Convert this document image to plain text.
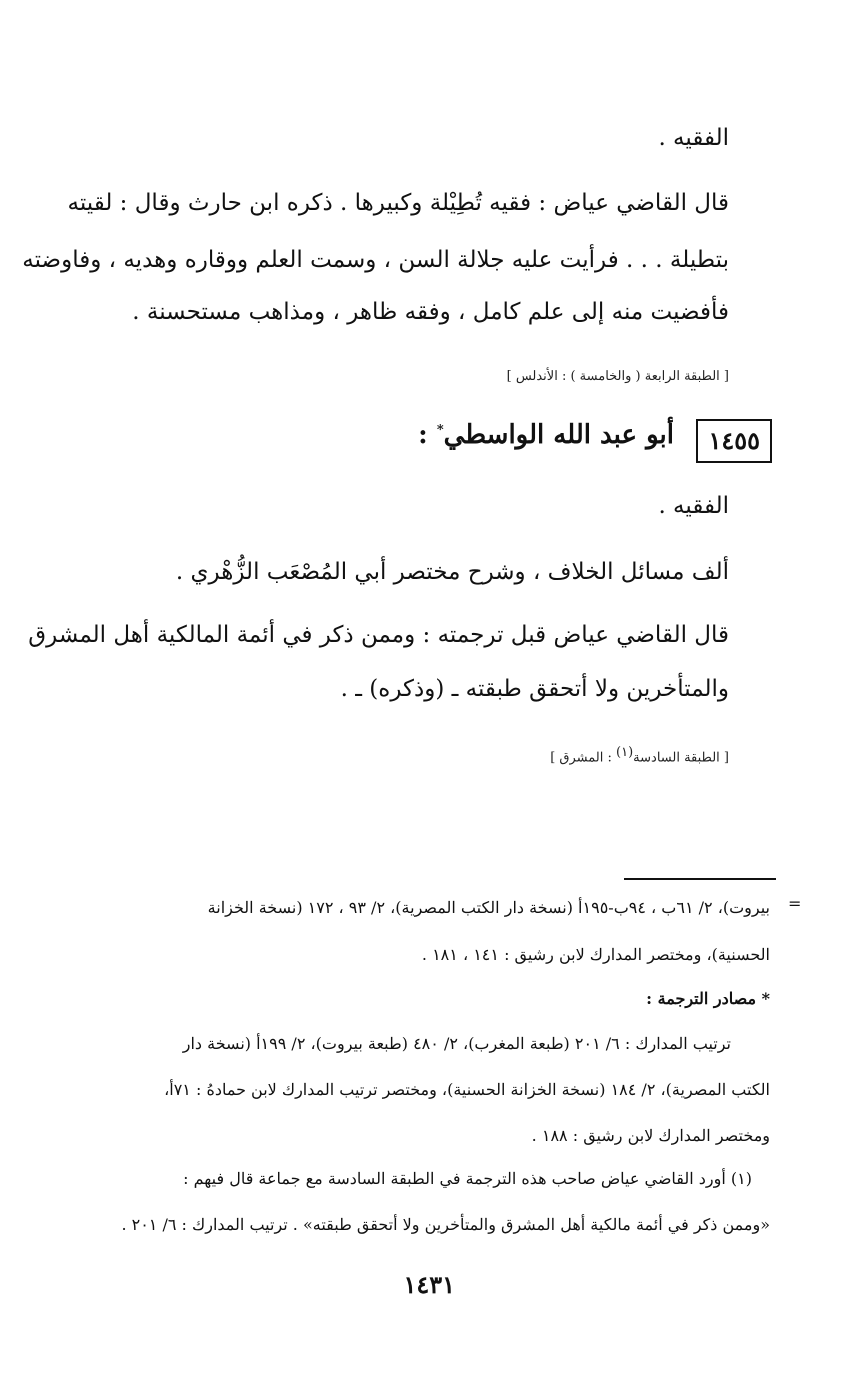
الفقيه .
قال القاضي عياض : فقيه تُطِيْلة وكبيرها . ذكره ابن حارث وقال : لقيته
بتطيلة . . . فرأيت عليه جلالة السن ، وسمت العلم ووقاره وهديه ، وفاوضته
فأفضيت منه إلى علم كامل ، وفقه ظاهر ، ومذاهب مستحسنة .
[ الطبقة الرابعة ( والخامسة ) : الأندلس ]
١٤٥٥
أبو عبد الله الواسطي* :
الفقيه .
ألف مسائل الخلاف ، وشرح مختصر أبي المُصْعَب الزُّهْري .
قال القاضي عياض قبل ترجمته : وممن ذكر في أئمة المالكية أهل المشرق
والمتأخرين ولا أتحقق طبقته ـ (وذكره) ـ .
[ الطبقة السادسة(١) : المشرق ]
=
بيروت)، ٢/ ٦١ب ، ٩٤ب-١٩٥أ (نسخة دار الكتب المصرية)، ٢/ ٩٣ ، ١٧٢ (نسخة الخزانة
الحسنية)، ومختصر المدارك لابن رشيق : ١٤١ ، ١٨١ .
* مصادر الترجمة :
ترتيب المدارك : ٦/ ٢٠١ (طبعة المغرب)، ٢/ ٤٨٠ (طبعة بيروت)، ٢/ ١٩٩أ (نسخة دار
الكتب المصرية)، ٢/ ١٨٤ (نسخة الخزانة الحسنية)، ومختصر ترتيب المدارك لابن حمادهُ : ٧١أ،
ومختصر المدارك لابن رشيق : ١٨٨ .
(١) أورد القاضي عياض صاحب هذه الترجمة في الطبقة السادسة مع جماعة قال فيهم :
«وممن ذكر في أئمة مالكية أهل المشرق والمتأخرين ولا أتحقق طبقته» . ترتيب المدارك : ٦/ ٢٠١ .
١٤٣١
